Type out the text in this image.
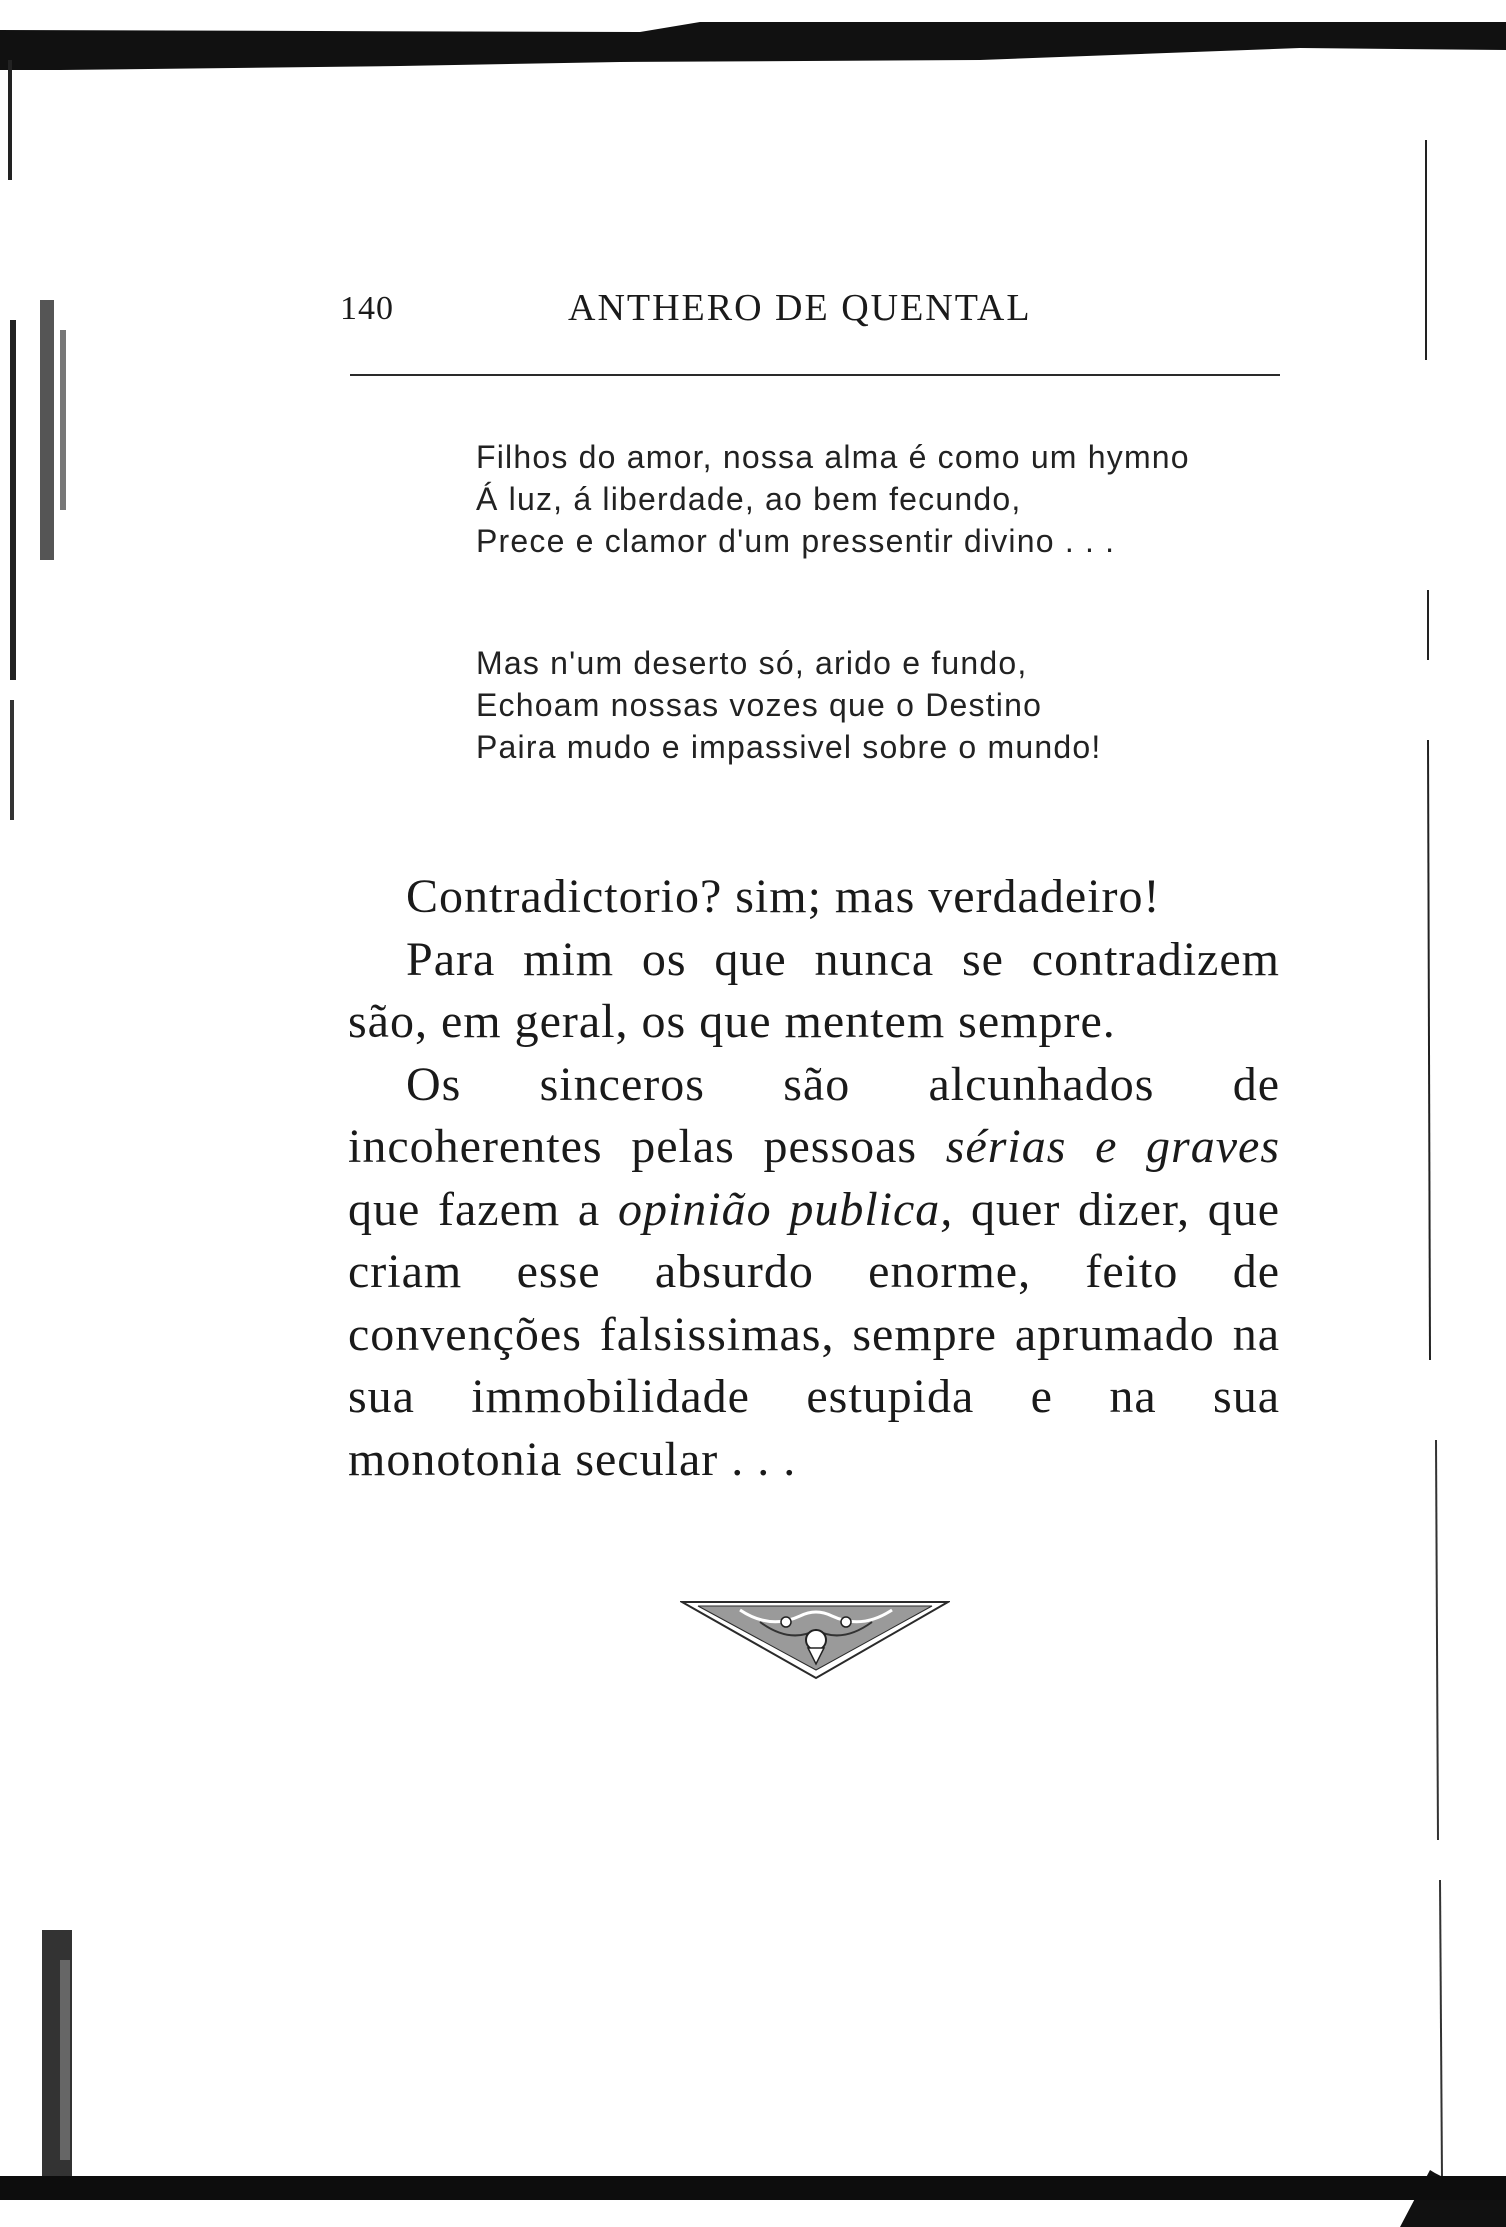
140	ANTHERO DE QUENTAL
Filhos do amor, nossa alma é como um hymno
Á luz, á liberdade, ao bem fecundo,
Prece e clamor d'um pressentir divino . . .
Mas n'um deserto só, arido e fundo,
Echoam nossas vozes que o Destino
Paira mudo e impassivel sobre o mundo!

Contradictorio? sim; mas verdadeiro!

Para mim os que nunca se contradizem são, em geral, os que mentem sempre.

Os sinceros são alcunhados de incoherentes pelas pessoas sérias e graves que fazem a opinião publica, quer dizer, que criam esse absurdo enorme, feito de convenções falsissimas, sempre aprumado na sua immobilidade estupida e na sua monotonia secular . . .
